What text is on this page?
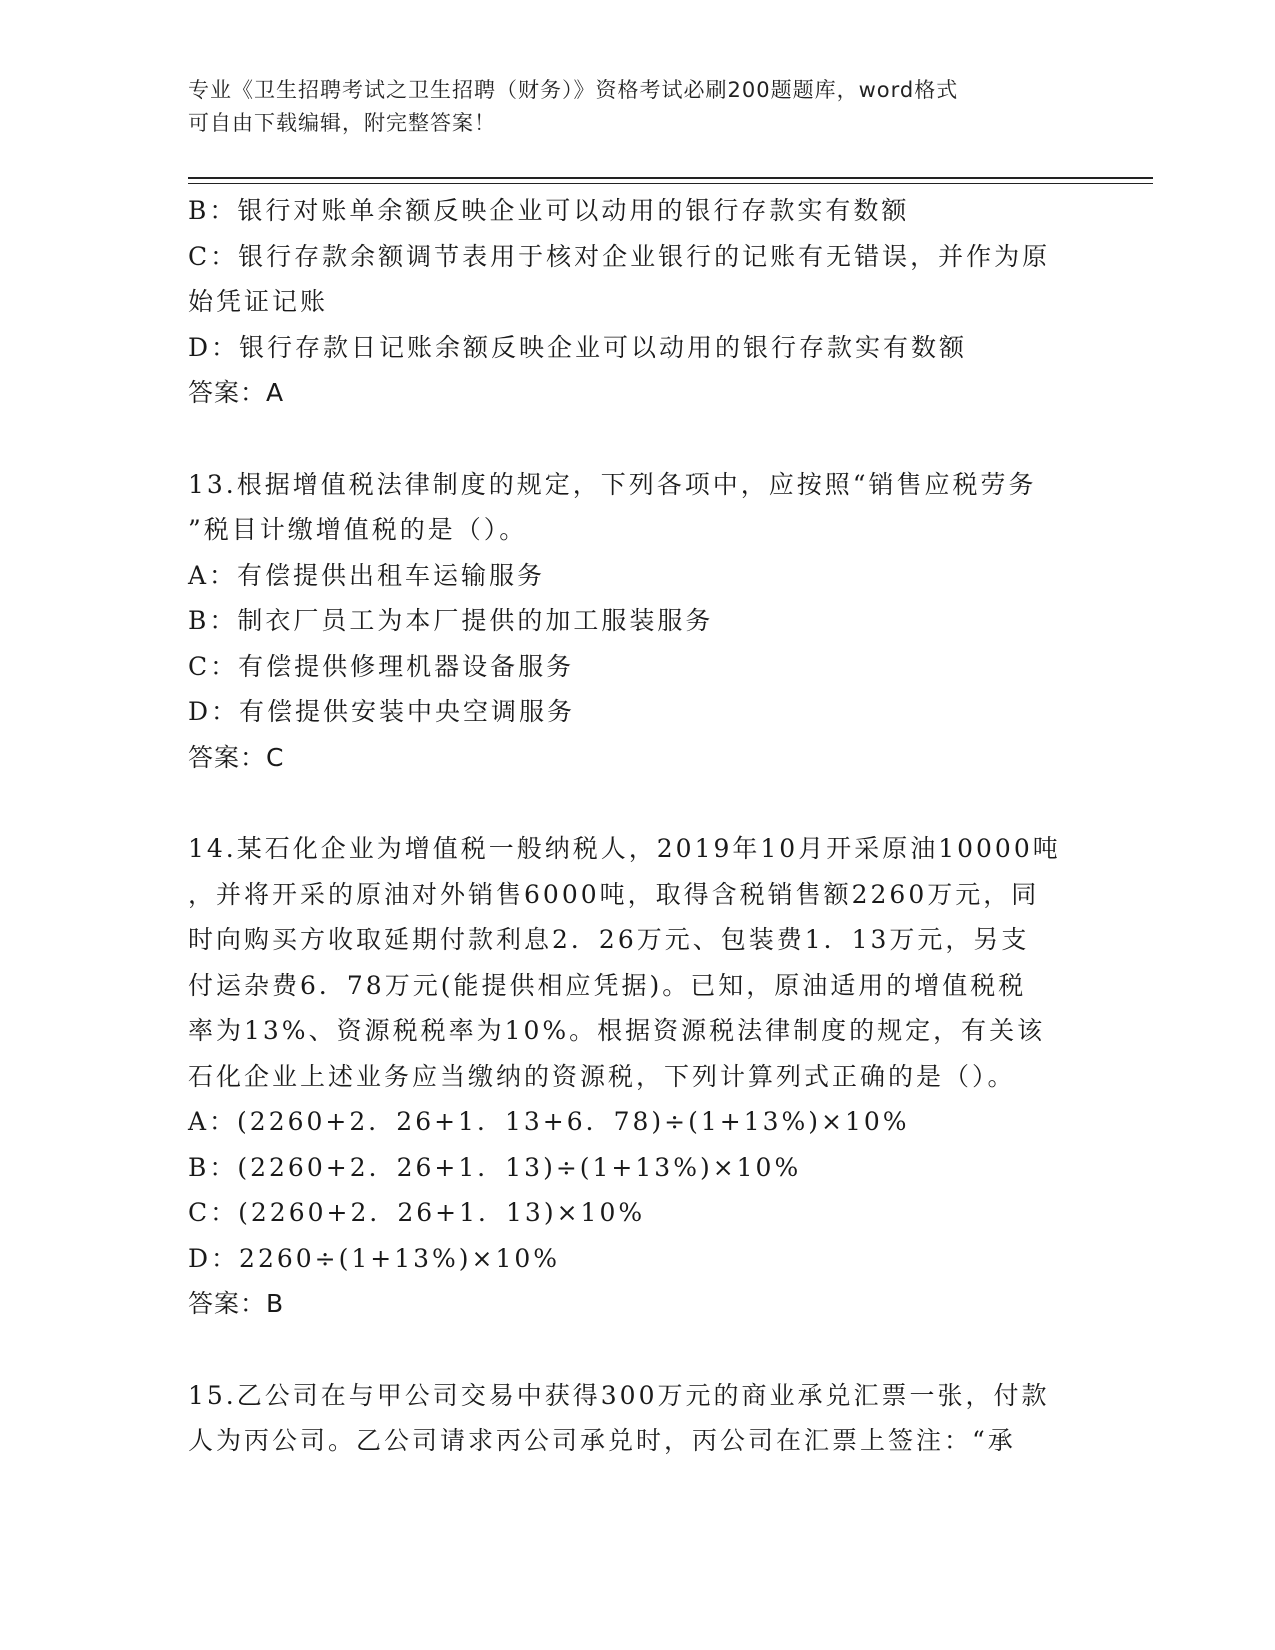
专业《卫生招聘考试之卫生招聘（财务）》资格考试必刷200题题库，word格式
可自由下载编辑，附完整答案！
B：银行对账单余额反映企业可以动用的银行存款实有数额
C：银行存款余额调节表用于核对企业银行的记账有无错误，并作为原
始凭证记账
D：银行存款日记账余额反映企业可以动用的银行存款实有数额
答案：A
13.根据增值税法律制度的规定，下列各项中，应按照“销售应税劳务
”税目计缴增值税的是（）。
A：有偿提供出租车运输服务
B：制衣厂员工为本厂提供的加工服装服务
C：有偿提供修理机器设备服务
D：有偿提供安装中央空调服务
答案：C
14.某石化企业为增值税一般纳税人，2019年10月开采原油10000吨
，并将开采的原油对外销售6000吨，取得含税销售额2260万元，同
时向购买方收取延期付款利息2．26万元、包装费1．13万元，另支
付运杂费6．78万元(能提供相应凭据)。已知，原油适用的增值税税
率为13%、资源税税率为10%。根据资源税法律制度的规定，有关该
石化企业上述业务应当缴纳的资源税，下列计算列式正确的是（）。
A：(2260+2．26+1．13+6．78)÷(1+13%)×10%
B：(2260+2．26+1．13)÷(1+13%)×10%
C：(2260+2．26+1．13)×10%
D：2260÷(1+13%)×10%
答案：B
15.乙公司在与甲公司交易中获得300万元的商业承兑汇票一张，付款
人为丙公司。乙公司请求丙公司承兑时，丙公司在汇票上签注：“承
